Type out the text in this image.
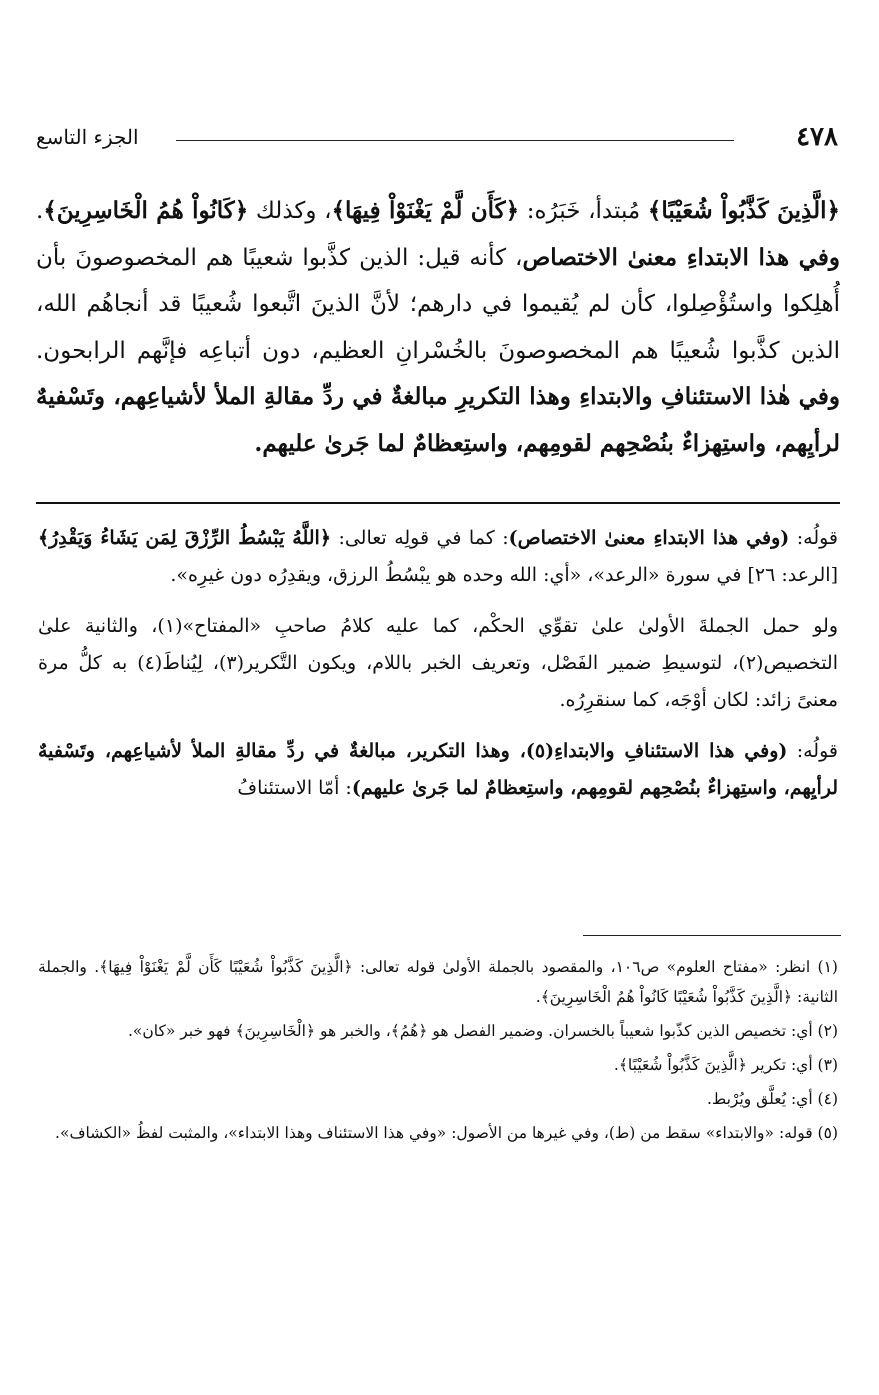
٤٧٨
الجزء التاسع
﴿الَّذِينَ كَذَّبُواْ شُعَيْبًا﴾ مُبتدأ، خَبَرُه: ﴿كَأَن لَّمْ يَغْنَوْاْ فِيهَا﴾، وكذلك ﴿كَانُواْ هُمُ الْخَاسِرِينَ﴾. وفي هذا الابتداءِ معنىٰ الاختصاص، كأنه قيل: الذين كذَّبوا شعيبًا هم المخصوصونَ بأن أُهلِكوا واستُؤْصِلوا، كأن لم يُقيموا في دارهم؛ لأنَّ الذينَ اتَّبعوا شُعيبًا قد أنجاهُم الله، الذين كذَّبوا شُعيبًا هم المخصوصونَ بالخُسْرانِ العظيم، دون أتباعِه فإنَّهم الرابحون. وفي هٰذا الاستئنافِ والابتداءِ وهذا التكريرِ مبالغةٌ في ردِّ مقالةِ الملأ لأشياعِهم، وتَسْفيهٌ لرأيِهم، واستِهزاءٌ بنُصْحِهم لقومِهم، واستِعظامٌ لما جَرىٰ عليهم.

قولُه: (وفي هذا الابتداءِ معنىٰ الاختصاص): كما في قولِه تعالى: ﴿اللَّهُ يَبْسُطُ الرِّزْقَ لِمَن يَشَاءُ وَيَقْدِرُ﴾ [الرعد: ٢٦] في سورة «الرعد»، «أي: الله وحده هو يبْسُطُ الرزق، ويقدِرُه دون غيرِه».

ولو حمل الجملةَ الأولىٰ علىٰ تقوِّي الحكْم، كما عليه كلامُ صاحبِ «المفتاح»(١)، والثانية علىٰ التخصيص(٢)، لتوسيطِ ضمير الفَصْل، وتعريف الخبر باللام، ويكون التَّكرير(٣)، لِيُناطَ(٤) به كلُّ مرة معنىً زائد: لكان أوْجَه، كما سنقرِرُه.

قولُه: (وفي هذا الاستئنافِ والابتداءِ(٥)، وهذا التكرير، مبالغةٌ في ردِّ مقالةِ الملأ لأشياعِهم، وتَسْفيهٌ لرأيِهم، واستِهزاءٌ بنُصْحِهم لقومِهم، واستِعظامٌ لما جَرىٰ عليهم): أمّا الاستئنافُ

(١) انظر: «مفتاح العلوم» ص١٠٦، والمقصود بالجملة الأولىٰ قوله تعالى: ﴿الَّذِينَ كَذَّبُواْ شُعَيْبًا كَأَن لَّمْ يَغْنَوْاْ فِيهَا﴾. والجملة الثانية: ﴿الَّذِينَ كَذَّبُواْ شُعَيْبًا كَانُواْ هُمُ الْخَاسِرِينَ﴾.
(٢) أي: تخصيص الذين كذّبوا شعيباً بالخسران. وضمير الفصل هو ﴿هُمُ﴾، والخبر هو ﴿الْخَاسِرِينَ﴾ فهو خبر «كان».
(٣) أي: تكرير ﴿الَّذِينَ كَذَّبُواْ شُعَيْبًا﴾.
(٤) أي: يُعلَّق ويُرْبط.
(٥) قوله: «والابتداء» سقط من (ط)، وفي غيرها من الأصول: «وفي هذا الاستئناف وهذا الابتداء»، والمثبت لفظُ «الكشاف».
